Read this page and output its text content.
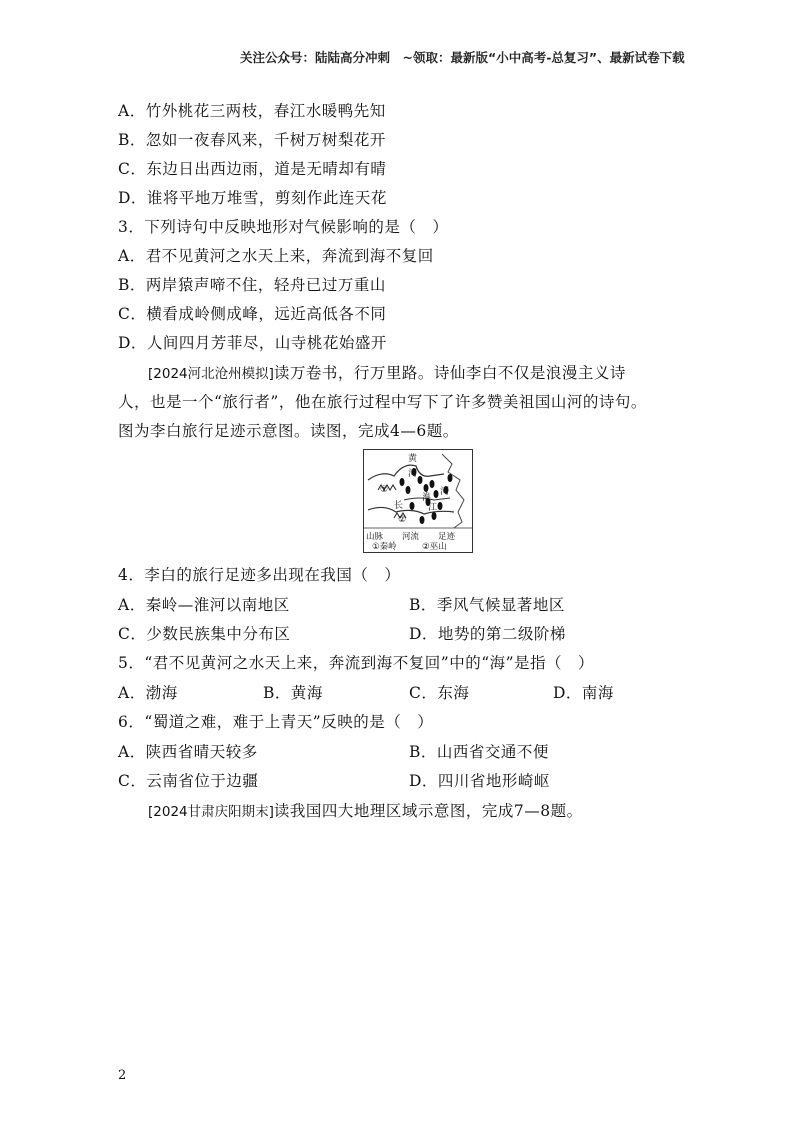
关注公众号：陆陆高分冲刺　~领取：最新版“小中高考-总复习”、最新试卷下载
A．竹外桃花三两枝，春江水暖鸭先知
B．忽如一夜春风来，千树万树梨花开
C．东边日出西边雨，道是无晴却有晴
D．谁将平地万堆雪，剪刻作此连天花
3．下列诗句中反映地形对气候影响的是（　）
A．君不见黄河之水天上来，奔流到海不复回
B．两岸猿声啼不住，轻舟已过万重山
C．横看成岭侧成峰，远近高低各不同
D．人间四月芳菲尽，山寺桃花始盛开
[2024河北沧州模拟]读万卷书，行万里路。诗仙李白不仅是浪漫主义诗
人，也是一个“旅行者”，他在旅行过程中写下了许多赞美祖国山河的诗句。
图为李白旅行足迹示意图。读图，完成4—6题。
黄
河
淮
河
长	江
①
②
山脉 河流 足迹
①秦岭	②巫山
4．李白的旅行足迹多出现在我国（　）
A．秦岭—淮河以南地区	B．季风气候显著地区
C．少数民族集中分布区	D．地势的第二级阶梯
5．“君不见黄河之水天上来，奔流到海不复回”中的“海”是指（　）
A．渤海	B．黄海	C．东海	D．南海
6．“蜀道之难，难于上青天”反映的是（　）
A．陕西省晴天较多	B．山西省交通不便
C．云南省位于边疆	D．四川省地形崎岖
[2024甘肃庆阳期末]读我国四大地理区域示意图，完成7—8题。
2
